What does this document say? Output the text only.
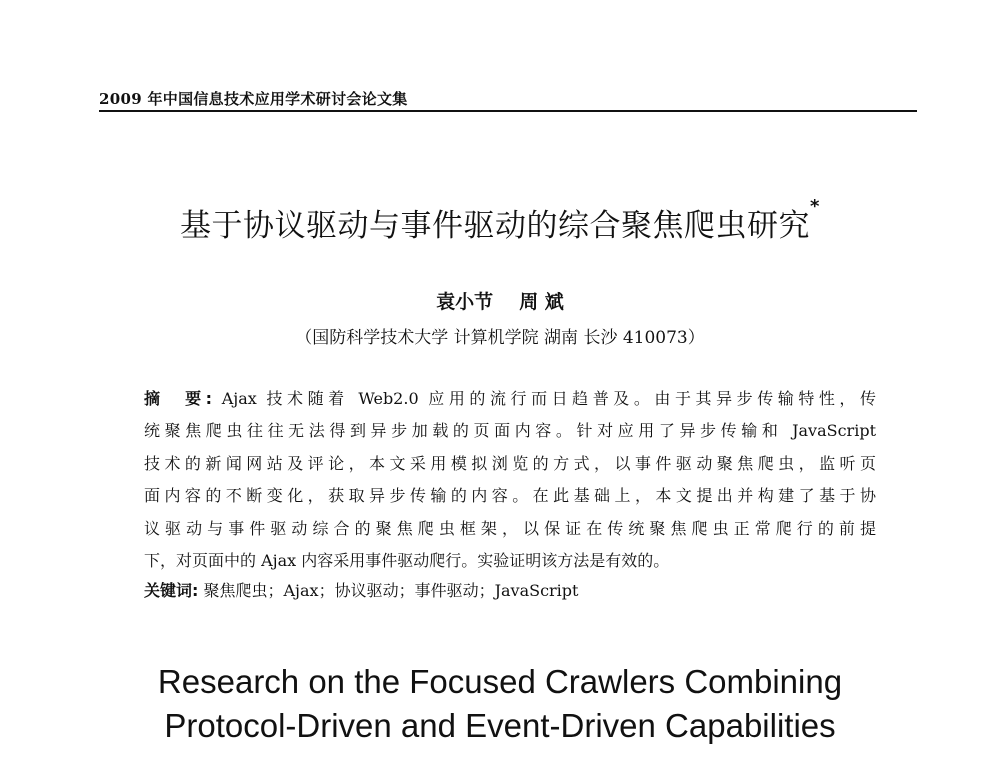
2009 年中国信息技术应用学术研讨会论文集
基于协议驱动与事件驱动的综合聚焦爬虫研究*
袁小节 周 斌
（国防科学技术大学 计算机学院 湖南 长沙 410073）
摘　要: Ajax 技术随着 Web2.0 应用的流行而日趋普及。由于其异步传输特性，传
统聚焦爬虫往往无法得到异步加载的页面内容。针对应用了异步传输和 JavaScript
技术的新闻网站及评论，本文采用模拟浏览的方式，以事件驱动聚焦爬虫，监听页
面内容的不断变化，获取异步传输的内容。在此基础上，本文提出并构建了基于协
议驱动与事件驱动综合的聚焦爬虫框架，以保证在传统聚焦爬虫正常爬行的前提
下，对页面中的 Ajax 内容采用事件驱动爬行。实验证明该方法是有效的。
关键词: 聚焦爬虫；Ajax；协议驱动；事件驱动；JavaScript
Research on the Focused Crawlers Combining
Protocol-Driven and Event-Driven Capabilities
